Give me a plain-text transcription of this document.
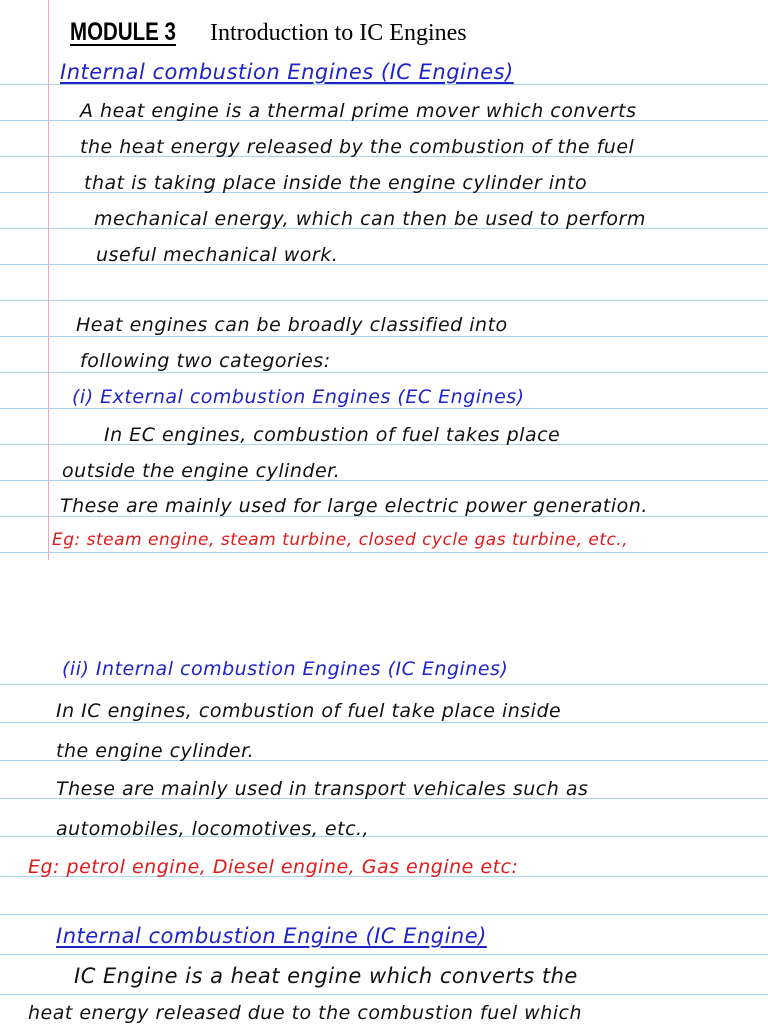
MODULE 3 Introduction to IC Engines
Internal combustion Engines (IC Engines)
A heat engine is a thermal prime mover which converts
the heat energy released by the combustion of the fuel
that is taking place inside the engine cylinder into
mechanical energy, which can then be used to perform
useful mechanical work.
Heat engines can be broadly classified into
following two categories:
(i) External combustion Engines (EC Engines)
In EC engines, combustion of fuel takes place
outside the engine cylinder.
These are mainly used for large electric power generation.
Eg: steam engine, steam turbine, closed cycle gas turbine, etc.,
(ii) Internal combustion Engines (IC Engines)
In IC engines, combustion of fuel take place inside
the engine cylinder.
These are mainly used in transport vehicales such as
automobiles, locomotives, etc.,
Eg: petrol engine, Diesel engine, Gas engine etc:
Internal combustion Engine (IC Engine)
IC Engine is a heat engine which converts the
heat energy released due to the combustion fuel which
